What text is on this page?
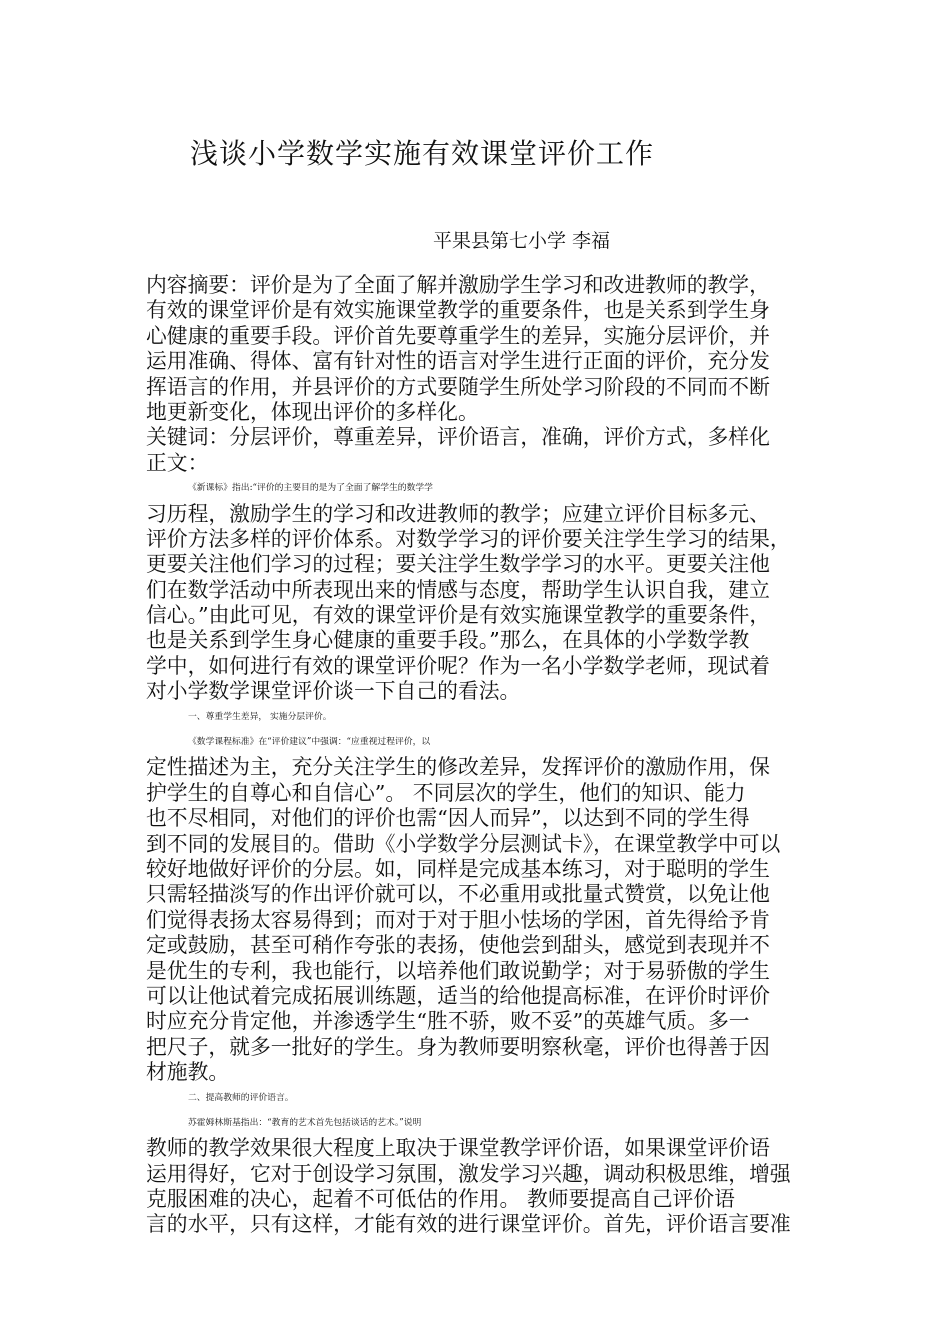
浅谈小学数学实施有效课堂评价工作
平果县第七小学 李福
内容摘要：评价是为了全面了解并激励学生学习和改进教师的教学，
有效的课堂评价是有效实施课堂教学的重要条件，也是关系到学生身
心健康的重要手段。评价首先要尊重学生的差异，实施分层评价，并
运用准确、得体、富有针对性的语言对学生进行正面的评价，充分发
挥语言的作用，并县评价的方式要随学生所处学习阶段的不同而不断
地更新变化，体现出评价的多样化。
关键词：分层评价，尊重差异，评价语言，准确，评价方式，多样化
正文：
《新课标》指出:“评价的主要目的是为了全面了解学生的数学学
习历程，激励学生的学习和改进教师的教学；应建立评价目标多元、
评价方法多样的评价体系。对数学学习的评价要关注学生学习的结果，
更要关注他们学习的过程；要关注学生数学学习的水平。更要关注他
们在数学活动中所表现出来的情感与态度，帮助学生认识自我，建立
信心。”由此可见，有效的课堂评价是有效实施课堂教学的重要条件，
也是关系到学生身心健康的重要手段。”那么，在具体的小学数学教
学中，如何进行有效的课堂评价呢？作为一名小学数学老师，现试着
对小学数学课堂评价谈一下自己的看法。
一、尊重学生差异， 实施分层评价。
《数学课程标准》在“评价建议”中强调：“应重视过程评价，以
定性描述为主，充分关注学生的修改差异，发挥评价的激励作用，保
护学生的自尊心和自信心”。 不同层次的学生，他们的知识、能力
也不尽相同，对他们的评价也需“因人而异”，以达到不同的学生得
到不同的发展目的。借助《小学数学分层测试卡》，在课堂教学中可以
较好地做好评价的分层。如，同样是完成基本练习，对于聪明的学生
只需轻描淡写的作出评价就可以，不必重用或批量式赞赏，以免让他
们觉得表扬太容易得到；而对于对于胆小怯场的学困，首先得给予肯
定或鼓励，甚至可稍作夸张的表扬，使他尝到甜头，感觉到表现并不
是优生的专利，我也能行，以培养他们敢说勤学；对于易骄傲的学生
可以让他试着完成拓展训练题，适当的给他提高标准，在评价时评价
时应充分肯定他，并渗透学生“胜不骄，败不妥”的英雄气质。多一
把尺子，就多一批好的学生。身为教师要明察秋毫，评价也得善于因
材施教。
二、提高教师的评价语言。
苏霍姆林斯基指出：“教育的艺术首先包括谈话的艺术。”说明
教师的教学效果很大程度上取决于课堂教学评价语，如果课堂评价语
运用得好，它对于创设学习氛围，激发学习兴趣，调动积极思维，增强
克服困难的决心，起着不可低估的作用。 教师要提高自己评价语
言的水平，只有这样，才能有效的进行课堂评价。首先，评价语言要准
